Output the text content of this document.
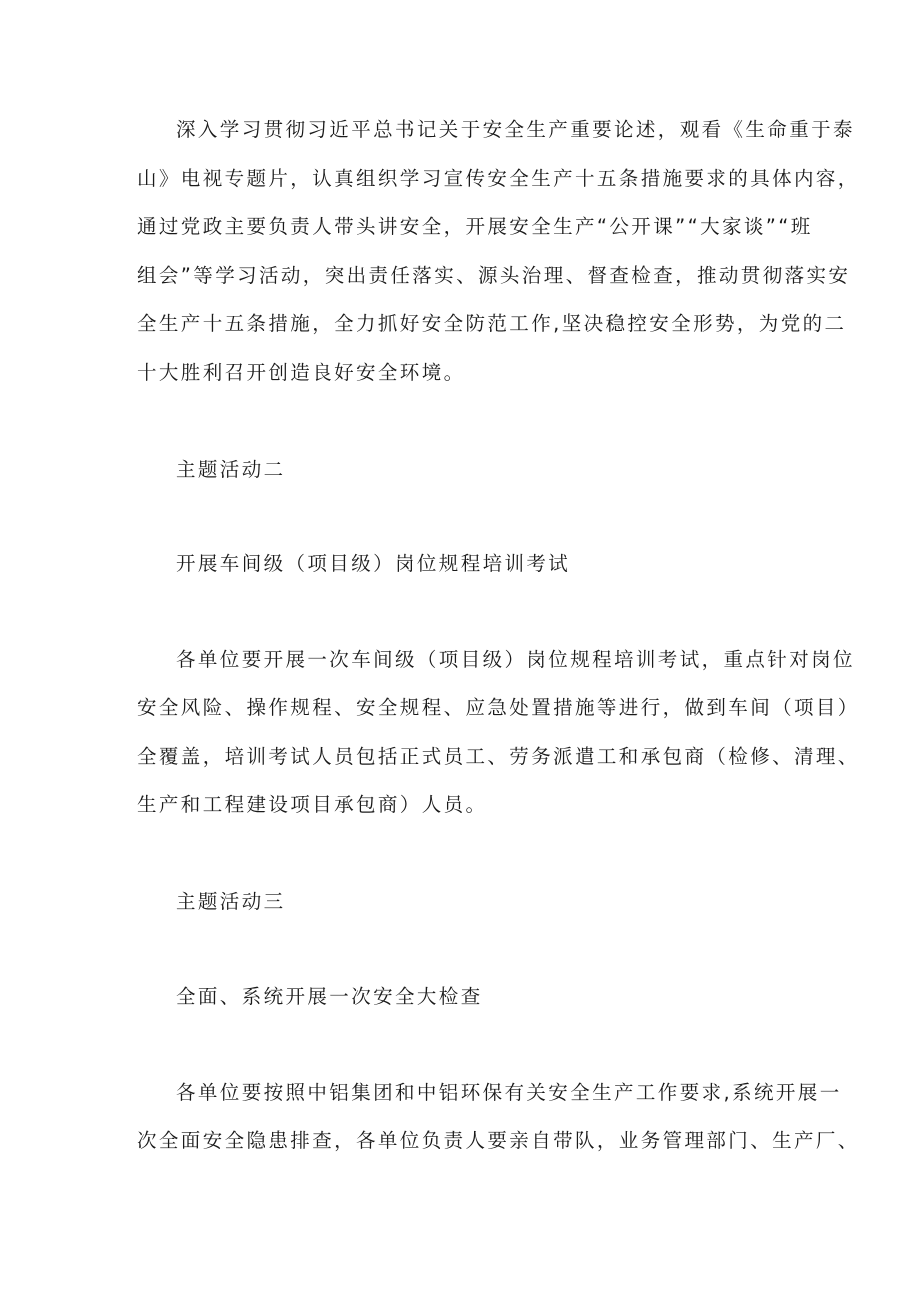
深入学习贯彻习近平总书记关于安全生产重要论述，观看《生命重于泰
山》电视专题片，认真组织学习宣传安全生产十五条措施要求的具体内容，
通过党政主要负责人带头讲安全，开展安全生产“公开课”“大家谈”“班
组会”等学习活动，突出责任落实、源头治理、督查检查，推动贯彻落实安
全生产十五条措施，全力抓好安全防范工作,坚决稳控安全形势，为党的二
十大胜利召开创造良好安全环境。
主题活动二
开展车间级（项目级）岗位规程培训考试
各单位要开展一次车间级（项目级）岗位规程培训考试，重点针对岗位
安全风险、操作规程、安全规程、应急处置措施等进行，做到车间（项目）
全覆盖，培训考试人员包括正式员工、劳务派遣工和承包商（检修、清理、
生产和工程建设项目承包商）人员。
主题活动三
全面、系统开展一次安全大检查
各单位要按照中铝集团和中铝环保有关安全生产工作要求,系统开展一
次全面安全隐患排查，各单位负责人要亲自带队，业务管理部门、生产厂、
